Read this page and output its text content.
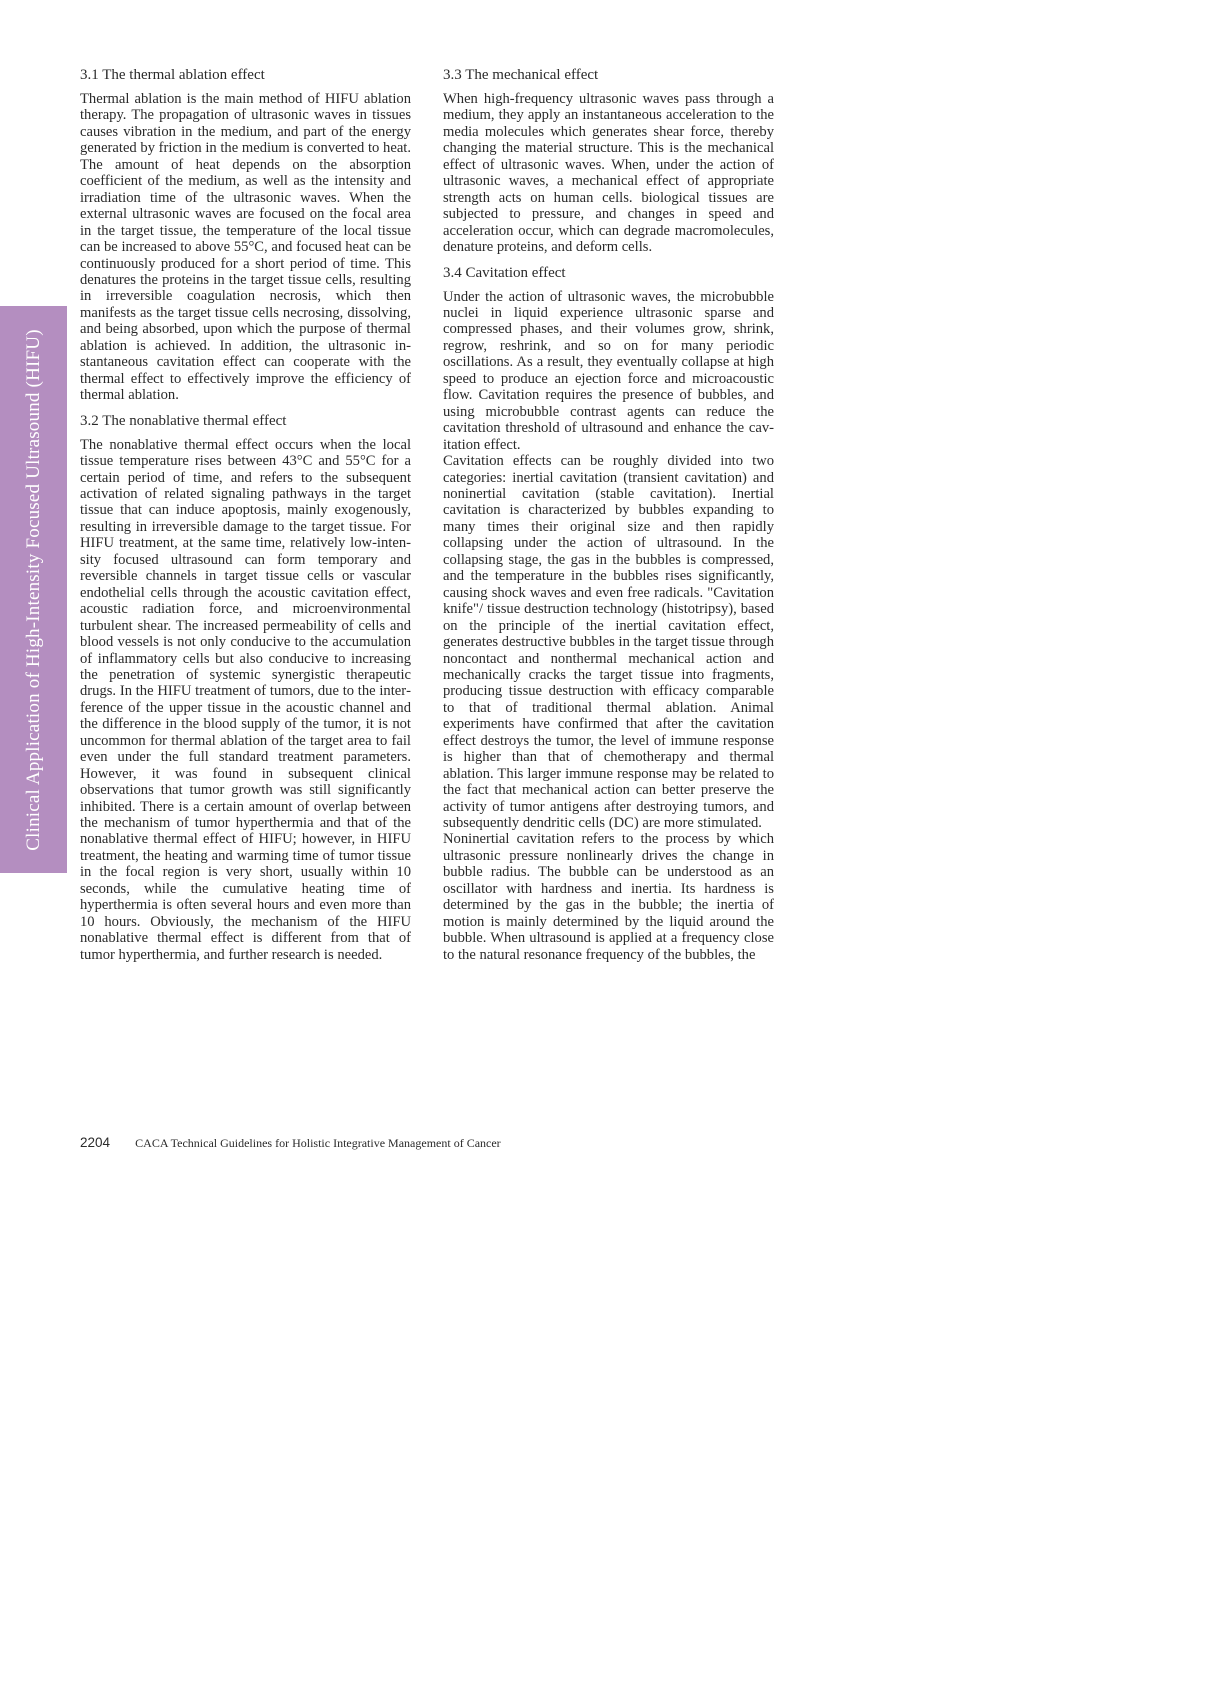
Clinical Application of High-Intensity Focused Ultrasound (HIFU)
3.1 The thermal ablation effect

Thermal ablation is the main method of HIFU ablation therapy. The propagation of ultrasonic waves in tissues causes vibration in the medium, and part of the energy generated by friction in the medium is converted to heat. The amount of heat depends on the absorption coefficient of the medium, as well as the intensity and irradiation time of the ultrasonic waves. When the external ultrasonic waves are focused on the focal area in the target tissue, the temperature of the local tissue can be increased to above 55°C, and focused heat can be continuously produced for a short period of time. This denatures the proteins in the target tissue cells, resulting in irreversible coagulation necrosis, which then manifests as the target tissue cells necrosing, dissolving, and being absorbed, upon which the purpose of thermal ablation is achieved. In addition, the ultrasonic instantaneous cavitation effect can cooperate with the thermal effect to effectively improve the efficiency of thermal ablation.

3.2 The nonablative thermal effect

The nonablative thermal effect occurs when the local tissue temperature rises between 43°C and 55°C for a certain period of time, and refers to the subsequent activation of related signaling pathways in the target tissue that can induce apoptosis, mainly exogenously, resulting in irreversible damage to the target tissue. For HIFU treatment, at the same time, relatively low-intensity focused ultrasound can form temporary and reversible channels in target tissue cells or vascular endothelial cells through the acoustic cavitation effect, acoustic radiation force, and microenvironmental turbulent shear. The increased permeability of cells and blood vessels is not only conducive to the accumulation of inflammatory cells but also conducive to increasing the penetration of systemic synergistic therapeutic drugs. In the HIFU treatment of tumors, due to the interference of the upper tissue in the acoustic channel and the difference in the blood supply of the tumor, it is not uncommon for thermal ablation of the target area to fail even under the full standard treatment parameters. However, it was found in subsequent clinical observations that tumor growth was still significantly inhibited. There is a certain amount of overlap between the mechanism of tumor hyperthermia and that of the nonablative thermal effect of HIFU; however, in HIFU treatment, the heating and warming time of tumor tissue in the focal region is very short, usually within 10 seconds, while the cumulative heating time of hyperthermia is often several hours and even more than 10 hours. Obviously, the mechanism of the HIFU nonablative thermal effect is different from that of tumor hyperthermia, and further research is needed.

3.3 The mechanical effect

When high-frequency ultrasonic waves pass through a medium, they apply an instantaneous acceleration to the media molecules which generates shear force, thereby changing the material structure. This is the mechanical effect of ultrasonic waves. When, under the action of ultrasonic waves, a mechanical effect of appropriate strength acts on human cells. biological tissues are subjected to pressure, and changes in speed and acceleration occur, which can degrade macromolecules, denature proteins, and deform cells.

3.4 Cavitation effect

Under the action of ultrasonic waves, the microbubble nuclei in liquid experience ultrasonic sparse and compressed phases, and their volumes grow, shrink, regrow, reshrink, and so on for many periodic oscillations. As a result, they eventually collapse at high speed to produce an ejection force and microacoustic flow. Cavitation requires the presence of bubbles, and using microbubble contrast agents can reduce the cavitation threshold of ultrasound and enhance the cavitation effect.

Cavitation effects can be roughly divided into two categories: inertial cavitation (transient cavitation) and noninertial cavitation (stable cavitation). Inertial cavitation is characterized by bubbles expanding to many times their original size and then rapidly collapsing under the action of ultrasound. In the collapsing stage, the gas in the bubbles is compressed, and the temperature in the bubbles rises significantly, causing shock waves and even free radicals. "Cavitation knife"/ tissue destruction technology (histotripsy), based on the principle of the inertial cavitation effect, generates destructive bubbles in the target tissue through noncontact and nonthermal mechanical action and mechanically cracks the target tissue into fragments, producing tissue destruction with efficacy comparable to that of traditional thermal ablation. Animal experiments have confirmed that after the cavitation effect destroys the tumor, the level of immune response is higher than that of chemotherapy and thermal ablation. This larger immune response may be related to the fact that mechanical action can better preserve the activity of tumor antigens after destroying tumors, and subsequently dendritic cells (DC) are more stimulated.

Noninertial cavitation refers to the process by which ultrasonic pressure nonlinearly drives the change in bubble radius. The bubble can be understood as an oscillator with hardness and inertia. Its hardness is determined by the gas in the bubble; the inertia of motion is mainly determined by the liquid around the bubble. When ultrasound is applied at a frequency close to the natural resonance frequency of the bubbles, the

2204 CACA Technical Guidelines for Holistic Integrative Management of Cancer
